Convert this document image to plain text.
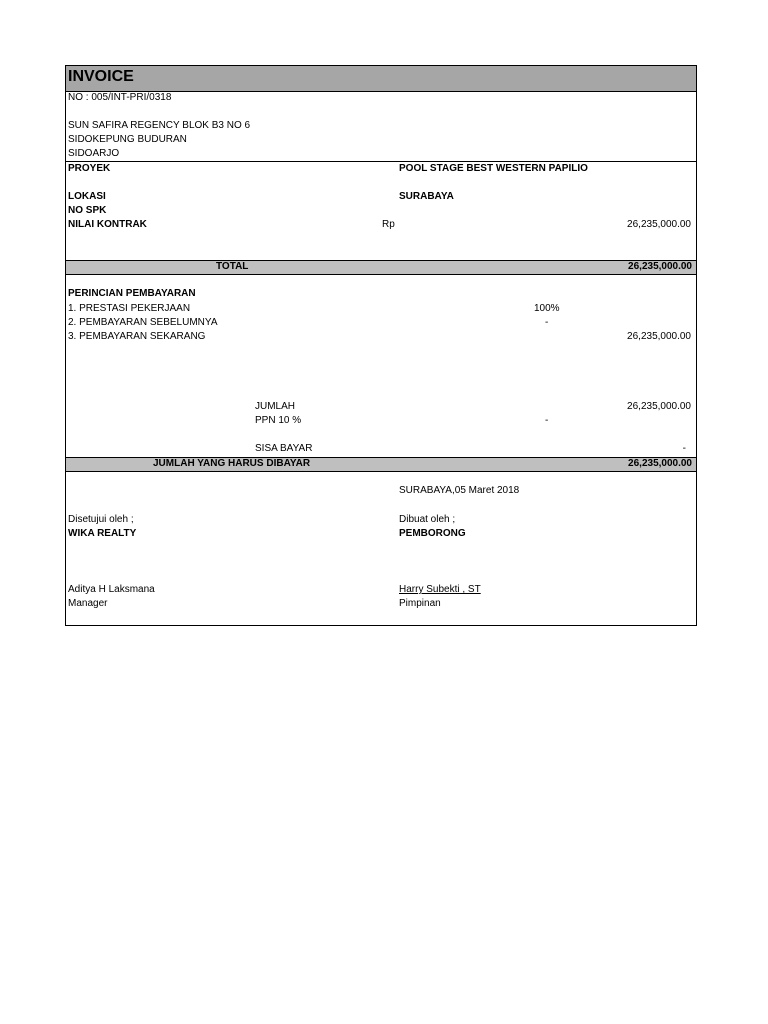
INVOICE
NO : 005/INT-PRI/0318
SUN SAFIRA REGENCY BLOK B3 NO 6
SIDOKEPUNG BUDURAN
SIDOARJO
PROYEK	POOL STAGE BEST WESTERN PAPILIO
LOKASI	SURABAYA
NO SPK
NILAI KONTRAK	Rp	26,235,000.00
TOTAL	26,235,000.00
PERINCIAN PEMBAYARAN
1. PRESTASI PEKERJAAN	100%
2. PEMBAYARAN SEBELUMNYA	-
3. PEMBAYARAN SEKARANG	26,235,000.00
JUMLAH	26,235,000.00
PPN 10 %	-
SISA BAYAR	-
JUMLAH YANG HARUS DIBAYAR	26,235,000.00
SURABAYA,05 Maret 2018
Disetujui oleh ;
WIKA REALTY
Dibuat oleh ;
PEMBORONG
Aditya H Laksmana
Manager
Harry Subekti , ST
Pimpinan
